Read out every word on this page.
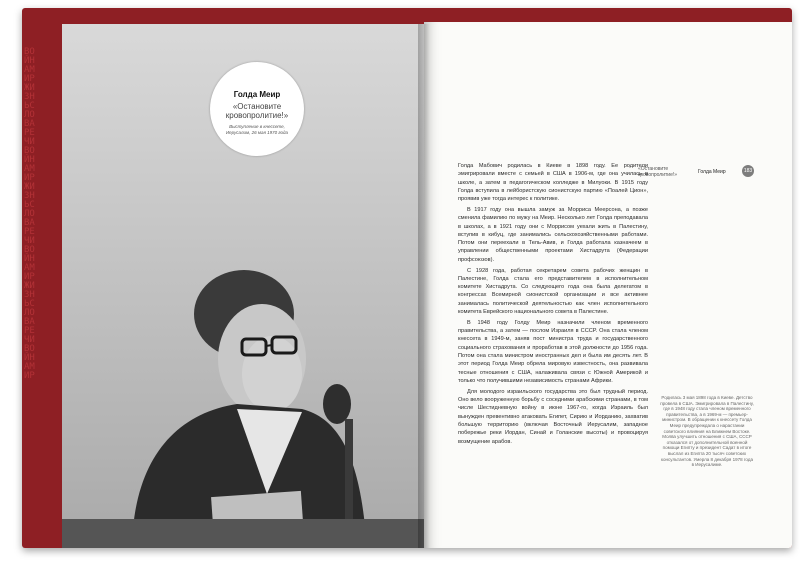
ВОЙНАМИРЖИЗНЬСЛОВАРЕЧИВОЙНАМИРЖИЗНЬСЛОВАРЕЧИВОЙНАМИРЖИЗНЬСЛОВАРЕЧИВОЙНАМИР
Голда Меир
«Остановите кровопролитие!»
Выступление в кнессете, Иерусалим, 26 мая 1970 года
«Остановите кровопролитие!»	Голда Меир	183

Голда Мабович родилась в Киеве в 1898 году. Ее родители эмигрировали вместе с семьей в США в 1906-м, где она училась в школе, а затем в педагогическом колледже в Милуоки. В 1915 году Голда вступила в лейбористскую сионистскую партию «Поалей Цион», проявив уже тогда интерес к политике.

В 1917 году она вышла замуж за Морриса Меерсона, а позже сменила фамилию по мужу на Меир. Несколько лет Голда преподавала в школах, а в 1921 году они с Моррисом уехали жить в Палестину, вступив в кибуц, где занимались сельскохозяйственными работами. Потом они переехали в Тель-Авив, и Голда работала казначеем в управлении общественными проектами Хистадрута (Федерации профсоюзов).

С 1928 года, работая секретарем совета рабочих женщин в Палестине, Голда стала его представителем в исполнительном комитете Хистадрута. Со следующего года она была делегатом в конгрессах Всемирной сионистской организации и все активнее занималась политической деятельностью как член исполнительного комитета Еврейского национального совета в Палестине.

В 1948 году Голду Меир назначили членом временного правительства, а затем — послом Израиля в СССР. Она стала членом кнессета в 1949-м, заняв пост министра труда и государственного социального страхования и проработав в этой должности до 1956 года. Потом она стала министром иностранных дел и была им десять лет. В этот период Голда Меир обрела мировую известность, она развивала тесные отношения с США, налаживала связи с Южной Америкой и только что получившими независимость странами Африки.

Для молодого израильского государства это был трудный период. Оно вело вооруженную борьбу с соседними арабскими странами, в том числе Шестидневную войну в июне 1967-го, когда Израиль был вынужден превентивно атаковать Египет, Сирию и Иорданию, захватив большую территорию (включая Восточный Иерусалим, западное побережье реки Иордан, Синай и Голанские высоты) и провоцируя возмущение арабов.

Родилась 3 мая 1898 года в Киеве. Детство провела в США. Эмигрировала в Палестину, где в 1948 году стала членом временного правительства, а в 1969-м — премьер-министром. В обращении к кнессету Голда Меир предупреждала о нарастании советского влияния на Ближнем Востоке. Молва улучшить отношения с США, СССР отказался от дополнительной военной помощи Египту и президент Садат в итоге выслал из Египта 20 тысяч советских консультантов. Умерла 8 декабря 1978 года в Иерусалиме.
